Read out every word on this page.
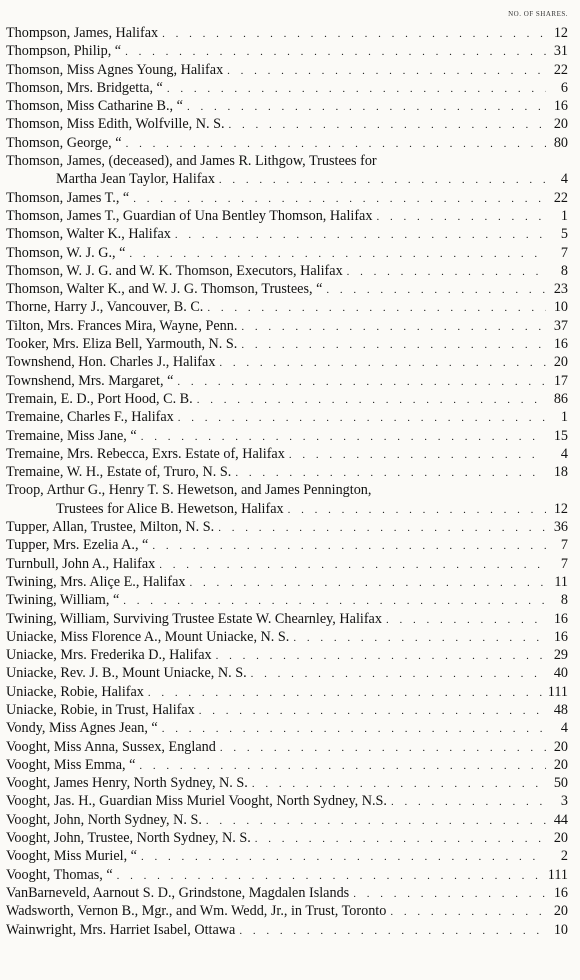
NO. OF SHARES.
Thompson, James, Halifax . . .	12
Thompson, Philip, “ . . .	31
Thomson, Miss Agnes Young, Halifax . . .	22
Thomson, Mrs. Bridgetta, “ . . .	6
Thomson, Miss Catharine B., “ . . .	16
Thomson, Miss Edith, Wolfville, N. S. . . .	20
Thomson, George, “ . . .	80
Thomson, James, (deceased), and James R. Lithgow, Trustees for
Martha Jean Taylor, Halifax . . .	4
Thomson, James T., “ . . .	22
Thomson, James T., Guardian of Una Bentley Thomson, Halifax . . .	1
Thomson, Walter K., Halifax . . .	5
Thomson, W. J. G., “ . . .	7
Thomson, W. J. G. and W. K. Thomson, Executors, Halifax . . .	8
Thomson, Walter K., and W. J. G. Thomson, Trustees, “ . . .	23
Thorne, Harry J., Vancouver, B. C. . . .	10
Tilton, Mrs. Frances Mira, Wayne, Penn. . . .	37
Tooker, Mrs. Eliza Bell, Yarmouth, N. S. . . .	16
Townshend, Hon. Charles J., Halifax . . .	20
Townshend, Mrs. Margaret, “ . . .	17
Tremain, E. D., Port Hood, C. B. . . .	86
Tremaine, Charles F., Halifax . . .	1
Tremaine, Miss Jane, “ . . .	15
Tremaine, Mrs. Rebecca, Exrs. Estate of, Halifax . . .	4
Tremaine, W. H., Estate of, Truro, N. S. . . .	18
Troop, Arthur G., Henry T. S. Hewetson, and James Pennington,
Trustees for Alice B. Hewetson, Halifax . . .	12
Tupper, Allan, Trustee, Milton, N. S. . . .	36
Tupper, Mrs. Ezelia A., “ . . .	7
Turnbull, John A., Halifax . . .	7
Twining, Mrs. Aliçe E., Halifax . . .	11
Twining, William, “ . . .	8
Twining, William, Surviving Trustee Estate W. Chearnley, Halifax . . .	16
Uniacke, Miss Florence A., Mount Uniacke, N. S. . . .	16
Uniacke, Mrs. Frederika D., Halifax . . .	29
Uniacke, Rev. J. B., Mount Uniacke, N. S. . . .	40
Uniacke, Robie, Halifax . . .	111
Uniacke, Robie, in Trust, Halifax . . .	48
Vondy, Miss Agnes Jean, “ . . .	4
Vooght, Miss Anna, Sussex, England . . .	20
Vooght, Miss Emma, “ . . .	20
Vooght, James Henry, North Sydney, N. S. . . .	50
Vooght, Jas. H., Guardian Miss Muriel Vooght, North Sydney, N.S. . . .	3
Vooght, John, North Sydney, N. S. . . .	44
Vooght, John, Trustee, North Sydney, N. S. . . .	20
Vooght, Miss Muriel, “ . . .	2
Vooght, Thomas, “ . . .	111
VanBarneveld, Aarnout S. D., Grindstone, Magdalen Islands . . .	16
Wadsworth, Vernon B., Mgr., and Wm. Wedd, Jr., in Trust, Toronto . . .	20
Wainwright, Mrs. Harriet Isabel, Ottawa . . .	10
